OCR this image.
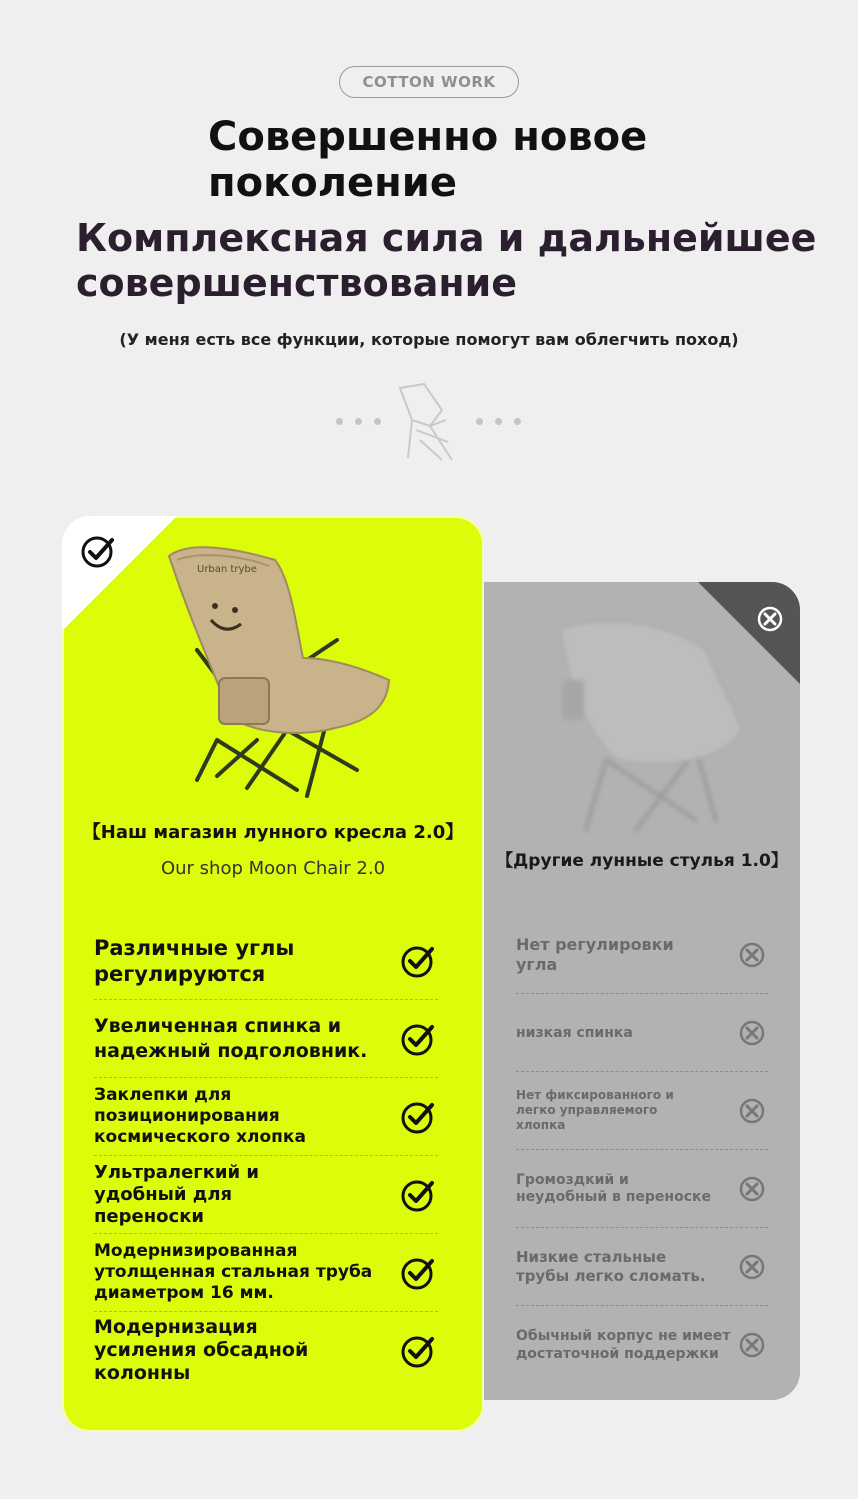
COTTON WORK
Совершенно новое
поколение
Комплексная сила и дальнейшее
совершенствование
(У меня есть все функции, которые помогут вам облегчить поход)
Urban trybe
【Наш магазин лунного кресла 2.0】
Our shop Moon Chair 2.0
Различные углы
регулируются
Увеличенная спинка и
надежный подголовник.
Заклепки для
позиционирования
космического хлопка
Ультралегкий и
удобный для
переноски
Модернизированная
утолщенная стальная труба
диаметром 16 мм.
Модернизация
усиления обсадной
колонны
【Другие лунные стулья 1.0】
Нет регулировки
угла
низкая спинка
Нет фиксированного и
легко управляемого
хлопка
Громоздкий и
неудобный в переноске
Низкие стальные
трубы легко сломать.
Обычный корпус не имеет
достаточной поддержки
